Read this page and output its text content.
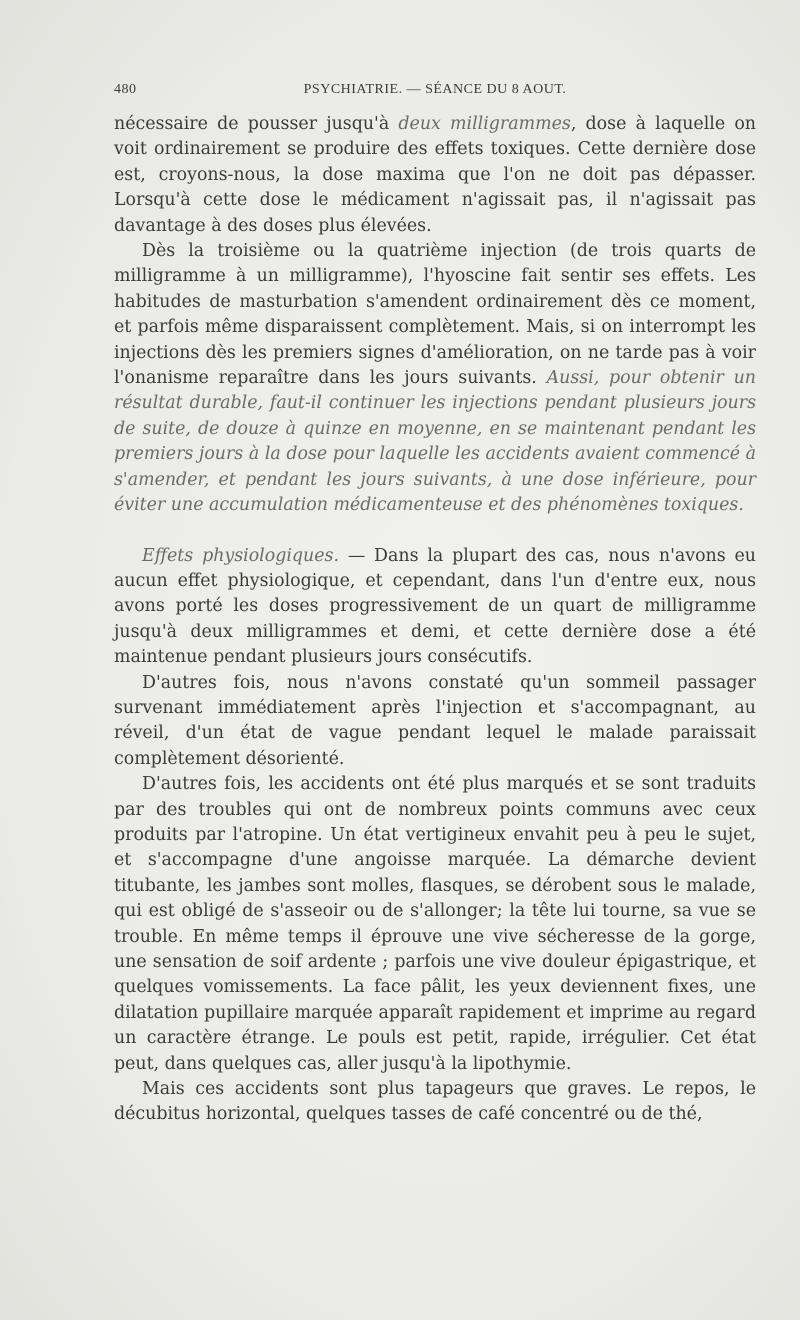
480	PSYCHIATRIE. — SÉANCE DU 8 AOUT.

nécessaire de pousser jusqu'à deux milligrammes, dose à laquelle on voit ordinairement se produire des effets toxiques. Cette dernière dose est, croyons-nous, la dose maxima que l'on ne doit pas dépasser. Lorsqu'à cette dose le médicament n'agissait pas, il n'agissait pas davantage à des doses plus élevées.

Dès la troisième ou la quatrième injection (de trois quarts de milligramme à un milligramme), l'hyoscine fait sentir ses effets. Les habitudes de masturbation s'amendent ordinairement dès ce moment, et parfois même disparaissent complètement. Mais, si on interrompt les injections dès les premiers signes d'amélioration, on ne tarde pas à voir l'onanisme reparaître dans les jours suivants. Aussi, pour obtenir un résultat durable, faut-il continuer les injections pendant plusieurs jours de suite, de douze à quinze en moyenne, en se maintenant pendant les premiers jours à la dose pour laquelle les accidents avaient commencé à s'amender, et pendant les jours suivants, à une dose inférieure, pour éviter une accumulation médicamenteuse et des phénomènes toxiques.

Effets physiologiques. — Dans la plupart des cas, nous n'avons eu aucun effet physiologique, et cependant, dans l'un d'entre eux, nous avons porté les doses progressivement de un quart de milligramme jusqu'à deux milligrammes et demi, et cette dernière dose a été maintenue pendant plusieurs jours consécutifs.

D'autres fois, nous n'avons constaté qu'un sommeil passager survenant immédiatement après l'injection et s'accompagnant, au réveil, d'un état de vague pendant lequel le malade paraissait complètement désorienté.

D'autres fois, les accidents ont été plus marqués et se sont traduits par des troubles qui ont de nombreux points communs avec ceux produits par l'atropine. Un état vertigineux envahit peu à peu le sujet, et s'accompagne d'une angoisse marquée. La démarche devient titubante, les jambes sont molles, flasques, se dérobent sous le malade, qui est obligé de s'asseoir ou de s'allonger; la tête lui tourne, sa vue se trouble. En même temps il éprouve une vive sécheresse de la gorge, une sensation de soif ardente ; parfois une vive douleur épigastrique, et quelques vomissements. La face pâlit, les yeux deviennent fixes, une dilatation pupillaire marquée apparaît rapidement et imprime au regard un caractère étrange. Le pouls est petit, rapide, irrégulier. Cet état peut, dans quelques cas, aller jusqu'à la lipothymie.

Mais ces accidents sont plus tapageurs que graves. Le repos, le décubitus horizontal, quelques tasses de café concentré ou de thé,
